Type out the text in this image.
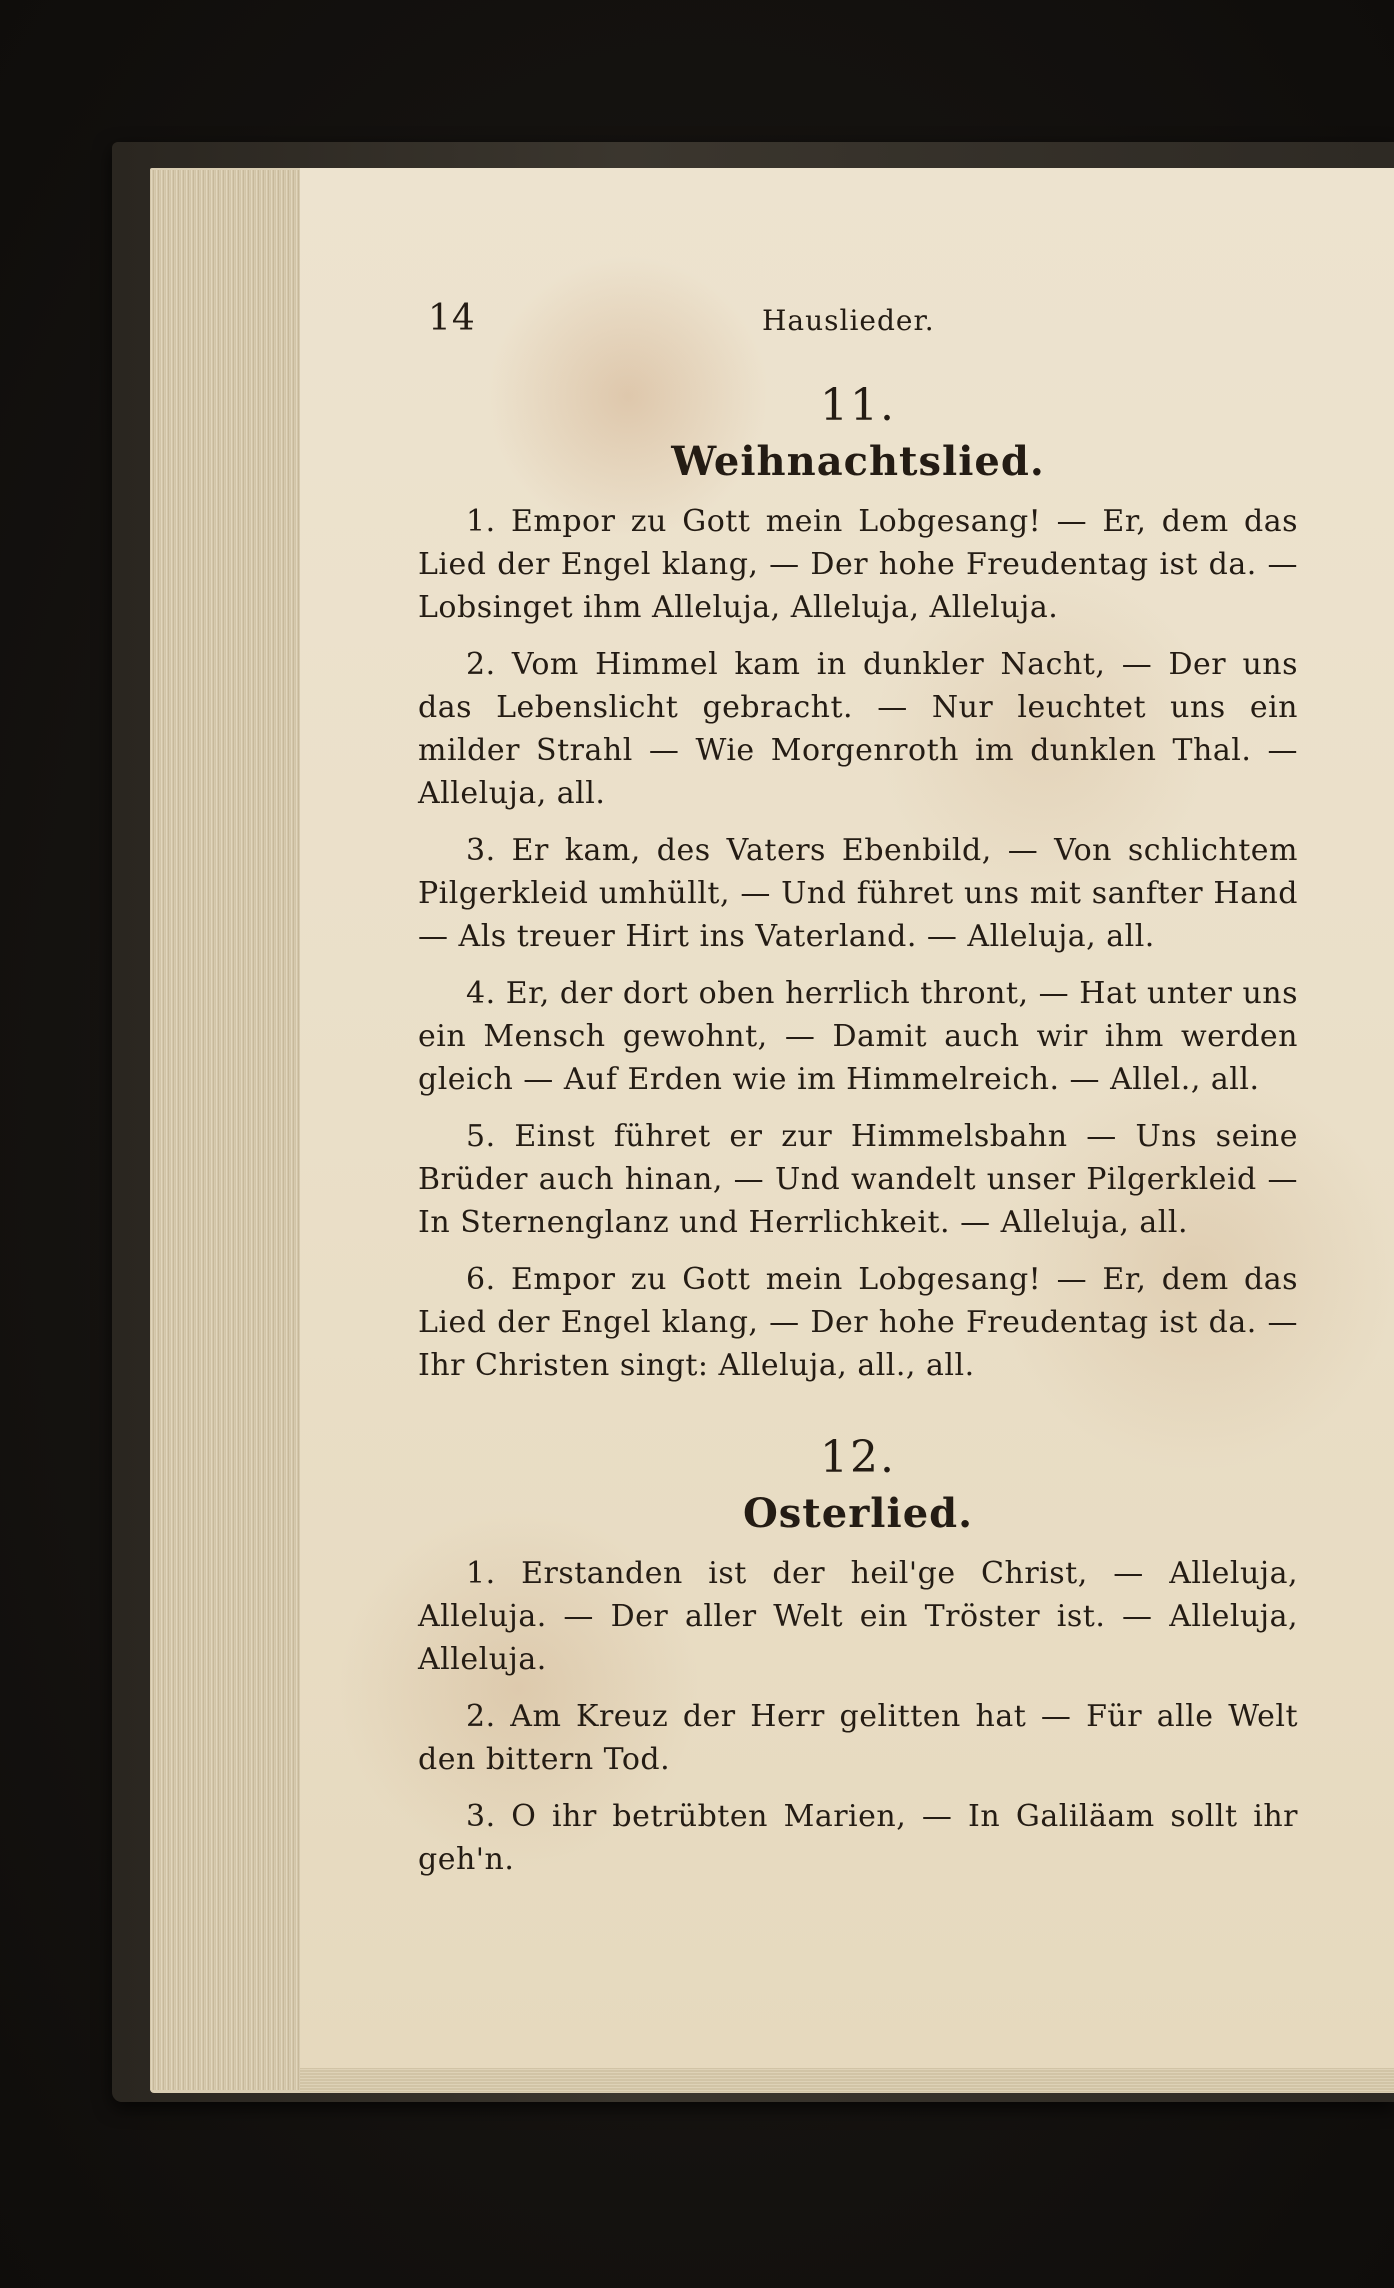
14	Hauslieder.

11.

Weihnachtslied.

1. Empor zu Gott mein Lobgesang! — Er, dem das Lied der Engel klang, — Der hohe Freudentag ist da. — Lobsinget ihm Alleluja, Alleluja, Alleluja.

2. Vom Himmel kam in dunkler Nacht, — Der uns das Lebenslicht gebracht. — Nur leuchtet uns ein milder Strahl — Wie Morgenroth im dunklen Thal. — Alleluja, all.

3. Er kam, des Vaters Ebenbild, — Von schlichtem Pilgerkleid umhüllt, — Und führet uns mit sanfter Hand — Als treuer Hirt ins Vaterland. — Alleluja, all.

4. Er, der dort oben herrlich thront, — Hat unter uns ein Mensch gewohnt, — Damit auch wir ihm werden gleich — Auf Erden wie im Himmelreich. — Allel., all.

5. Einst führet er zur Himmelsbahn — Uns seine Brüder auch hinan, — Und wandelt unser Pilgerkleid — In Sternenglanz und Herrlichkeit. — Alleluja, all.

6. Empor zu Gott mein Lobgesang! — Er, dem das Lied der Engel klang, — Der hohe Freudentag ist da. — Ihr Christen singt: Alleluja, all., all.

12.

Osterlied.

1. Erstanden ist der heil'ge Christ, — Alleluja, Alleluja. — Der aller Welt ein Tröster ist. — Alleluja, Alleluja.

2. Am Kreuz der Herr gelitten hat — Für alle Welt den bittern Tod.

3. O ihr betrübten Marien, — In Galiläam sollt ihr geh'n.
